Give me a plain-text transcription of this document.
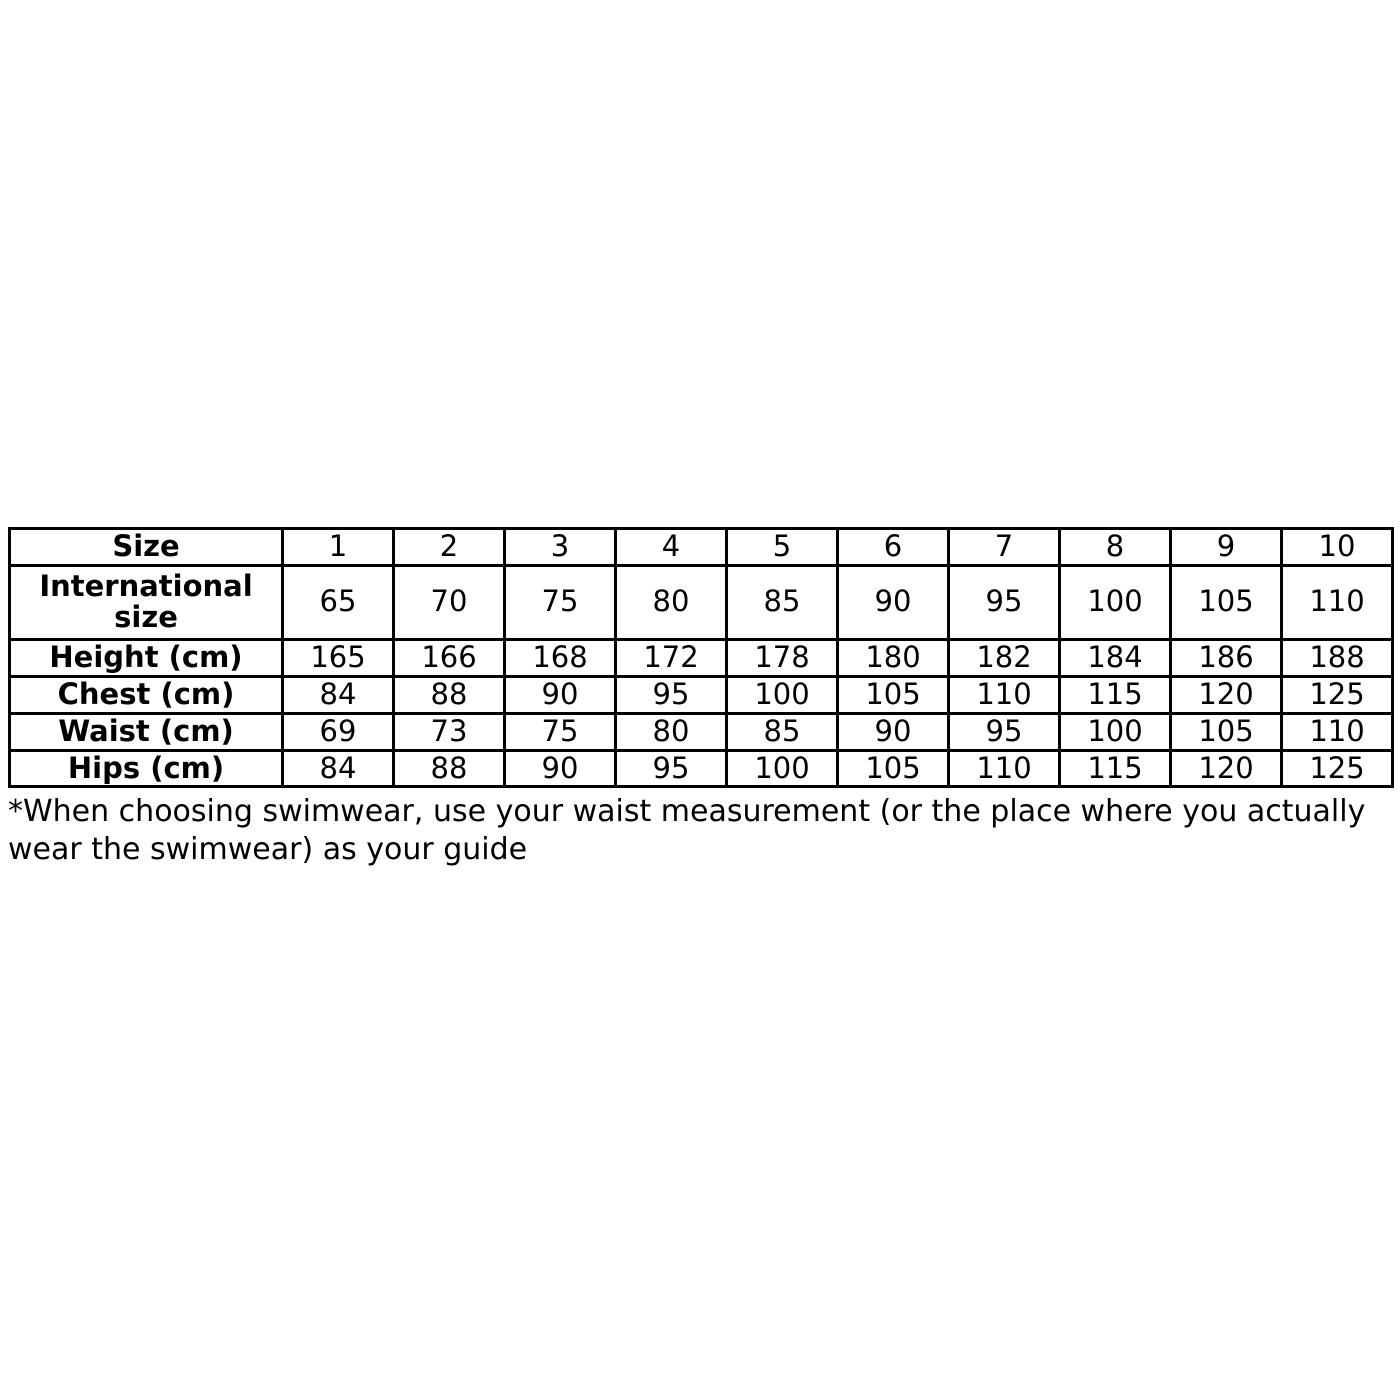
Size	1	2	3	4	5	6	7	8	9	10
International size	65	70	75	80	85	90	95	100	105	110
Height (cm)	165	166	168	172	178	180	182	184	186	188
Chest (cm)	84	88	90	95	100	105	110	115	120	125
Waist (cm)	69	73	75	80	85	90	95	100	105	110
Hips (cm)	84	88	90	95	100	105	110	115	120	125

*When choosing swimwear, use your waist measurement (or the place where you actually wear the swimwear) as your guide
